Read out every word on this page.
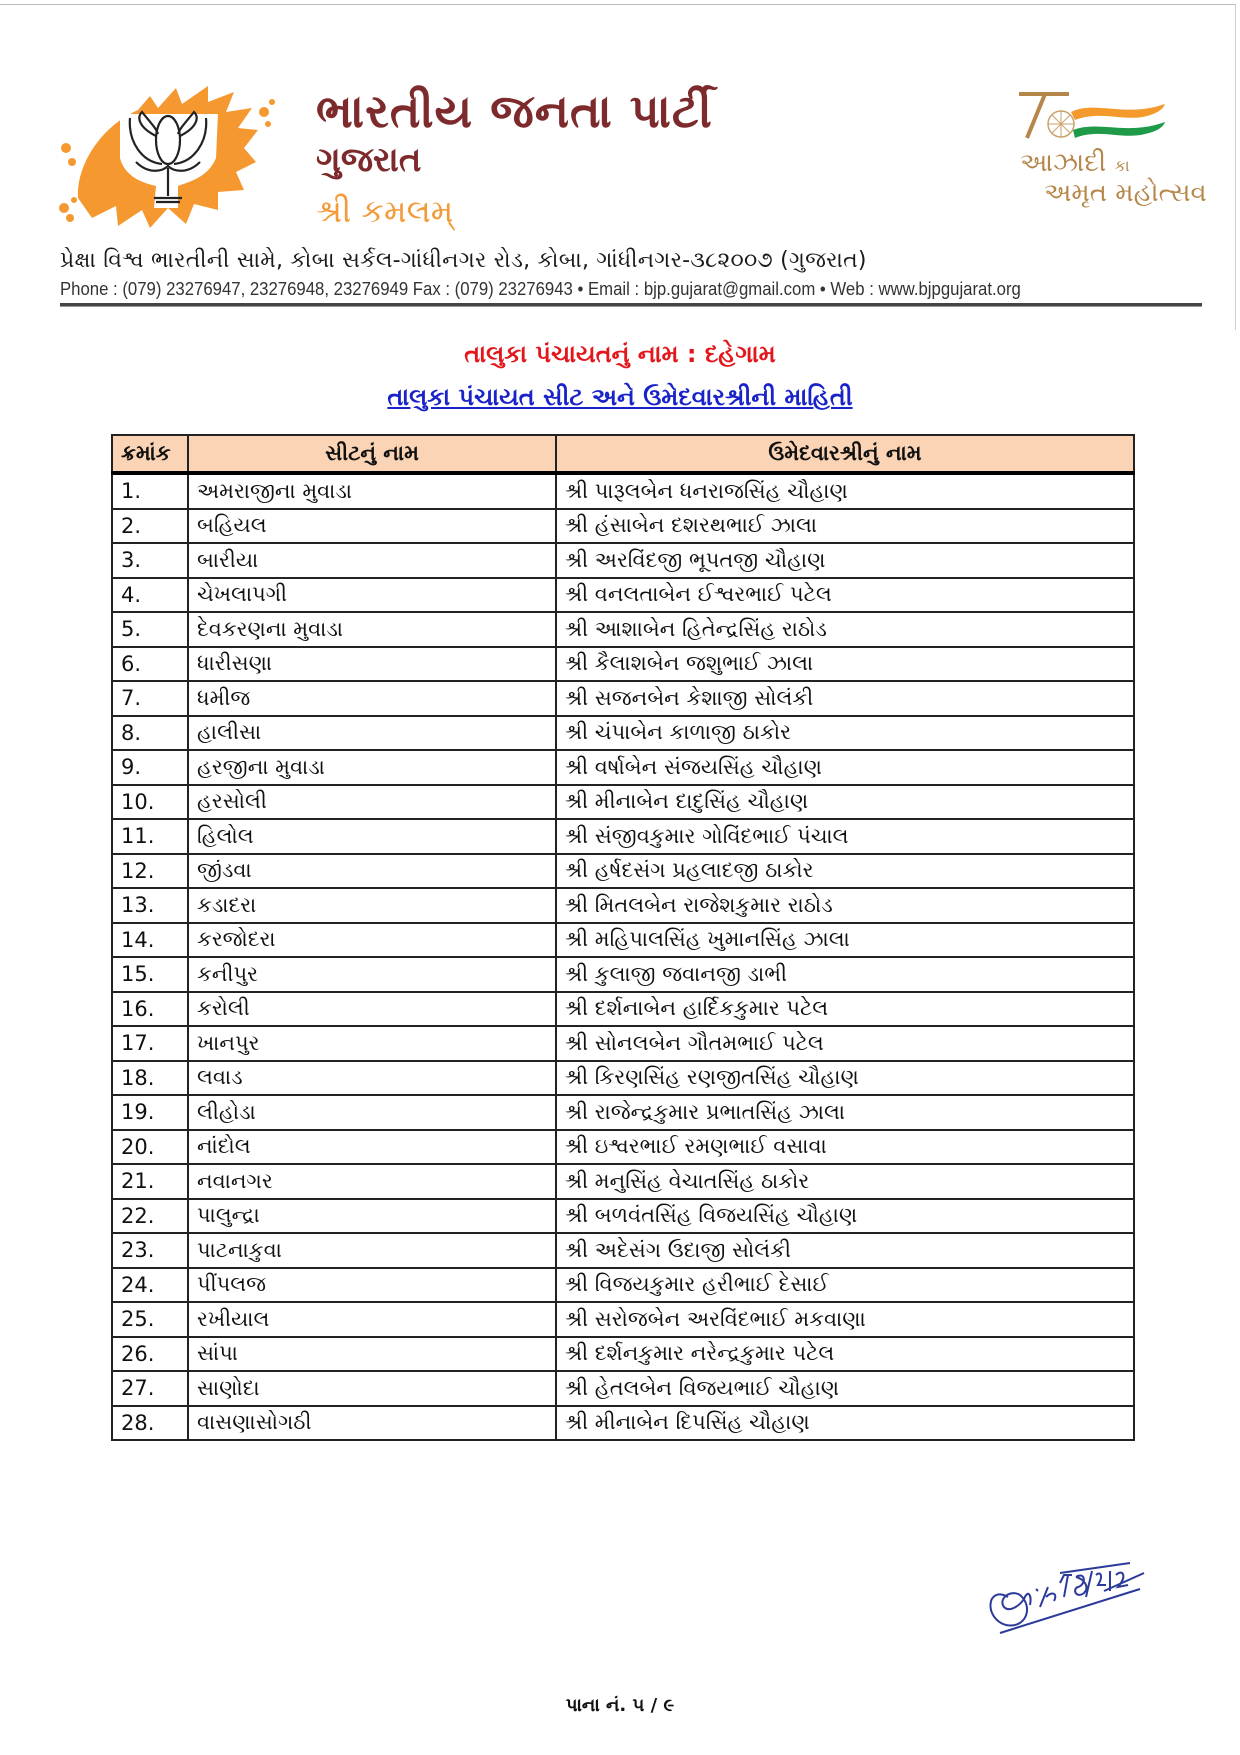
ભારતીય જનતા પાર્ટી
ગુજરાત
શ્રી કમલમ્
આઝાદી કા
અમૃત મહોત્સવ
પ્રેક્ષા વિશ્વ ભારતીની સામે, કોબા સર્કલ-ગાંધીનગર રોડ, કોબા, ગાંધીનગર-૩૮૨૦૦૭ (ગુજરાત)
Phone : (079) 23276947, 23276948, 23276949 Fax : (079) 23276943 • Email : bjp.gujarat@gmail.com • Web : www.bjpgujarat.org
તાલુકા પંચાયતનું નામ : દહેગામ
તાલુકા પંચાયત સીટ અને ઉમેદવારશ્રીની માહિતી
ક્રમાંક	સીટનું નામ	ઉમેદવારશ્રીનું નામ
1.	અમરાજીના મુવાડા	શ્રી પારૂલબેન ધનરાજસિંહ ચૌહાણ
2.	બહિયલ	શ્રી હંસાબેન દશરથભાઈ ઝાલા
3.	બારીયા	શ્રી અરવિંદજી ભૂપતજી ચૌહાણ
4.	ચેખલાપગી	શ્રી વનલતાબેન ઈશ્વરભાઈ પટેલ
5.	દેવકરણના મુવાડા	શ્રી આશાબેન હિતેન્દ્રસિંહ રાઠોડ
6.	ધારીસણા	શ્રી કૈલાશબેન જશુભાઈ ઝાલા
7.	ધમીજ	શ્રી સજનબેન કેશાજી સોલંકી
8.	હાલીસા	શ્રી ચંપાબેન કાળાજી ઠાકોર
9.	હરજીના મુવાડા	શ્રી વર્ષાબેન સંજયસિંહ ચૌહાણ
10.	હરસોલી	શ્રી મીનાબેન દાદુસિંહ ચૌહાણ
11.	હિલોલ	શ્રી સંજીવકુમાર ગોવિંદભાઈ પંચાલ
12.	જીંડવા	શ્રી હર્ષદસંગ પ્રહલાદજી ઠાકોર
13.	કડાદરા	શ્રી મિતલબેન રાજેશકુમાર રાઠોડ
14.	કરજોદરા	શ્રી મહિપાલસિંહ ખુમાનસિંહ ઝાલા
15.	કનીપુર	શ્રી કુલાજી જવાનજી ડાભી
16.	કરોલી	શ્રી દર્શનાબેન હાર્દિકકુમાર પટેલ
17.	ખાનપુર	શ્રી સોનલબેન ગૌતમભાઈ પટેલ
18.	લવાડ	શ્રી કિરણસિંહ રણજીતસિંહ ચૌહાણ
19.	લીહોડા	શ્રી રાજેન્દ્રકુમાર પ્રભાતસિંહ ઝાલા
20.	નાંદોલ	શ્રી ઇશ્વરભાઈ રમણભાઈ વસાવા
21.	નવાનગર	શ્રી મનુસિંહ વેચાતસિંહ ઠાકોર
22.	પાલુન્દ્રા	શ્રી બળવંતસિંહ વિજયસિંહ ચૌહાણ
23.	પાટનાકુવા	શ્રી અદેસંગ ઉદાજી સોલંકી
24.	પીંપલજ	શ્રી વિજયકુમાર હરીભાઈ દેસાઈ
25.	રખીયાલ	શ્રી સરોજબેન અરવિંદભાઈ મકવાણા
26.	સાંપા	શ્રી દર્શનકુમાર નરેન્દ્રકુમાર પટેલ
27.	સાણોદા	શ્રી હેતલબેન વિજયભાઈ ચૌહાણ
28.	વાસણાસોગઠી	શ્રી મીનાબેન દિપસિંહ ચૌહાણ
પાના નં. ૫ / ૯
